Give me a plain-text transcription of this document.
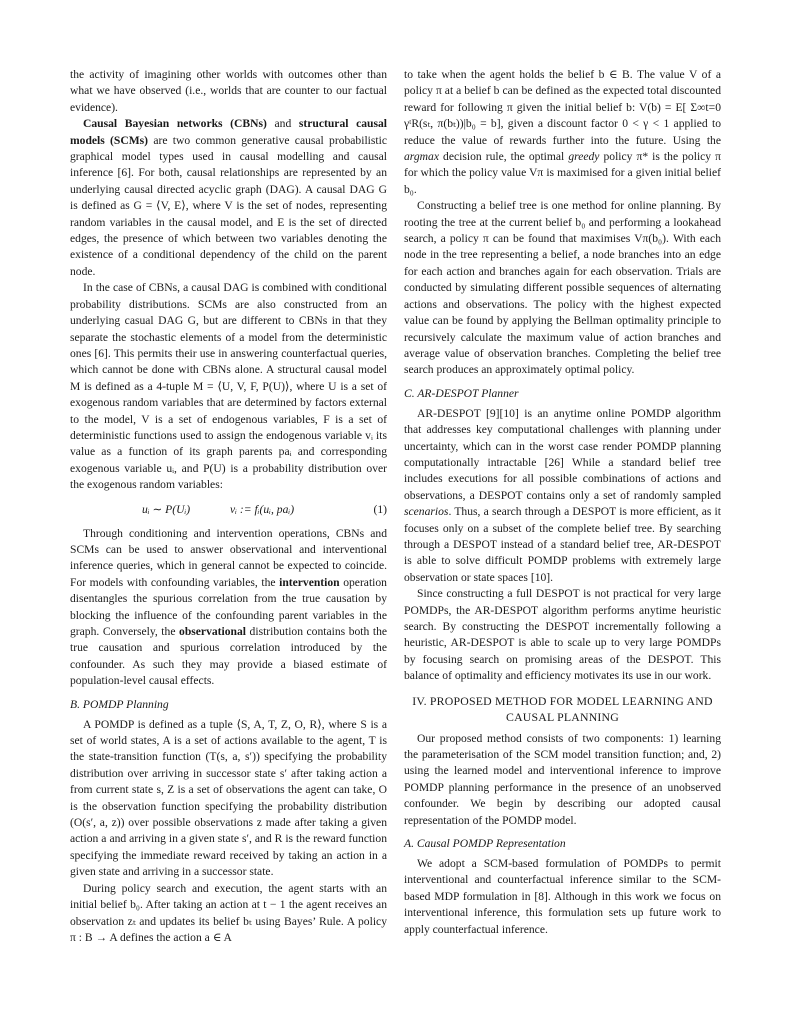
the activity of imagining other worlds with outcomes other than what we have observed (i.e., worlds that are counter to our factual evidence).

Causal Bayesian networks (CBNs) and structural causal models (SCMs) are two common generative causal probabilistic graphical model types used in causal modelling and causal inference [6]. For both, causal relationships are represented by an underlying causal directed acyclic graph (DAG). A causal DAG G is defined as G = ⟨V, E⟩, where V is the set of nodes, representing random variables in the causal model, and E is the set of directed edges, the presence of which between two variables denoting the existence of a conditional dependency of the child on the parent node.

In the case of CBNs, a causal DAG is combined with conditional probability distributions. SCMs are also constructed from an underlying casual DAG G, but are different to CBNs in that they separate the stochastic elements of a model from the deterministic ones [6]. This permits their use in answering counterfactual queries, which cannot be done with CBNs alone. A structural causal model M is defined as a 4-tuple M = ⟨U, V, F, P(U)⟩, where U is a set of exogenous random variables that are determined by factors external to the model, V is a set of endogenous variables, F is a set of deterministic functions used to assign the endogenous variable vᵢ its value as a function of its graph parents paᵢ and corresponding exogenous variable uᵢ, and P(U) is a probability distribution over the exogenous random variables:

uᵢ ∼ P(Uᵢ)	vᵢ := fᵢ(uᵢ, paᵢ)	(1)

Through conditioning and intervention operations, CBNs and SCMs can be used to answer observational and interventional inference queries, which in general cannot be expected to coincide. For models with confounding variables, the intervention operation disentangles the spurious correlation from the true causation by blocking the influence of the confounding parent variables in the graph. Conversely, the observational distribution contains both the true causation and spurious correlation introduced by the confounder. As such they may provide a biased estimate of population-level causal effects.

B. POMDP Planning

A POMDP is defined as a tuple ⟨S, A, T, Z, O, R⟩, where S is a set of world states, A is a set of actions available to the agent, T is the state-transition function (T(s, a, s′)) specifying the probability distribution over arriving in successor state s′ after taking action a from current state s, Z is a set of observations the agent can take, O is the observation function specifying the probability distribution (O(s′, a, z)) over possible observations z made after taking a given action a and arriving in a given state s′, and R is the reward function specifying the immediate reward received by taking an action in a given state and arriving in a successor state.

During policy search and execution, the agent starts with an initial belief b₀. After taking an action at t − 1 the agent receives an observation zₜ and updates its belief bₜ using Bayes’ Rule. A policy π : B → A defines the action a ∈ A

to take when the agent holds the belief b ∈ B. The value V of a policy π at a belief b can be defined as the expected total discounted reward for following π given the initial belief b: V(b) = E[ Σ∞t=0 γᵗR(sₜ, π(bₜ))|b₀ = b], given a discount factor 0 < γ < 1 applied to reduce the value of rewards further into the future. Using the argmax decision rule, the optimal greedy policy π* is the policy π for which the policy value Vπ is maximised for a given initial belief b₀.

Constructing a belief tree is one method for online planning. By rooting the tree at the current belief b₀ and performing a lookahead search, a policy π can be found that maximises Vπ(b₀). With each node in the tree representing a belief, a node branches into an edge for each action and branches again for each observation. Trials are conducted by simulating different possible sequences of alternating actions and observations. The policy with the highest expected value can be found by applying the Bellman optimality principle to recursively calculate the maximum value of action branches and average value of observation branches. Completing the belief tree search produces an approximately optimal policy.

C. AR-DESPOT Planner

AR-DESPOT [9][10] is an anytime online POMDP algorithm that addresses key computational challenges with planning under uncertainty, which can in the worst case render POMDP planning computationally intractable [26] While a standard belief tree includes executions for all possible combinations of actions and observations, a DESPOT contains only a set of randomly sampled scenarios. Thus, a search through a DESPOT is more efficient, as it focuses only on a subset of the complete belief tree. By searching through a DESPOT instead of a standard belief tree, AR-DESPOT is able to solve difficult POMDP problems with extremely large observation or state spaces [10].

Since constructing a full DESPOT is not practical for very large POMDPs, the AR-DESPOT algorithm performs anytime heuristic search. By constructing the DESPOT incrementally following a heuristic, AR-DESPOT is able to scale up to very large POMDPs by focusing search on promising areas of the DESPOT. This balance of optimality and efficiency motivates its use in our work.

IV. PROPOSED METHOD FOR MODEL LEARNING AND CAUSAL PLANNING

Our proposed method consists of two components: 1) learning the parameterisation of the SCM model transition function; and, 2) using the learned model and interventional inference to improve POMDP planning performance in the presence of an unobserved confounder. We begin by describing our adopted causal representation of the POMDP model.

A. Causal POMDP Representation

We adopt a SCM-based formulation of POMDPs to permit interventional and counterfactual inference similar to the SCM-based MDP formulation in [8]. Although in this work we focus on interventional inference, this formulation sets up future work to apply counterfactual inference.
